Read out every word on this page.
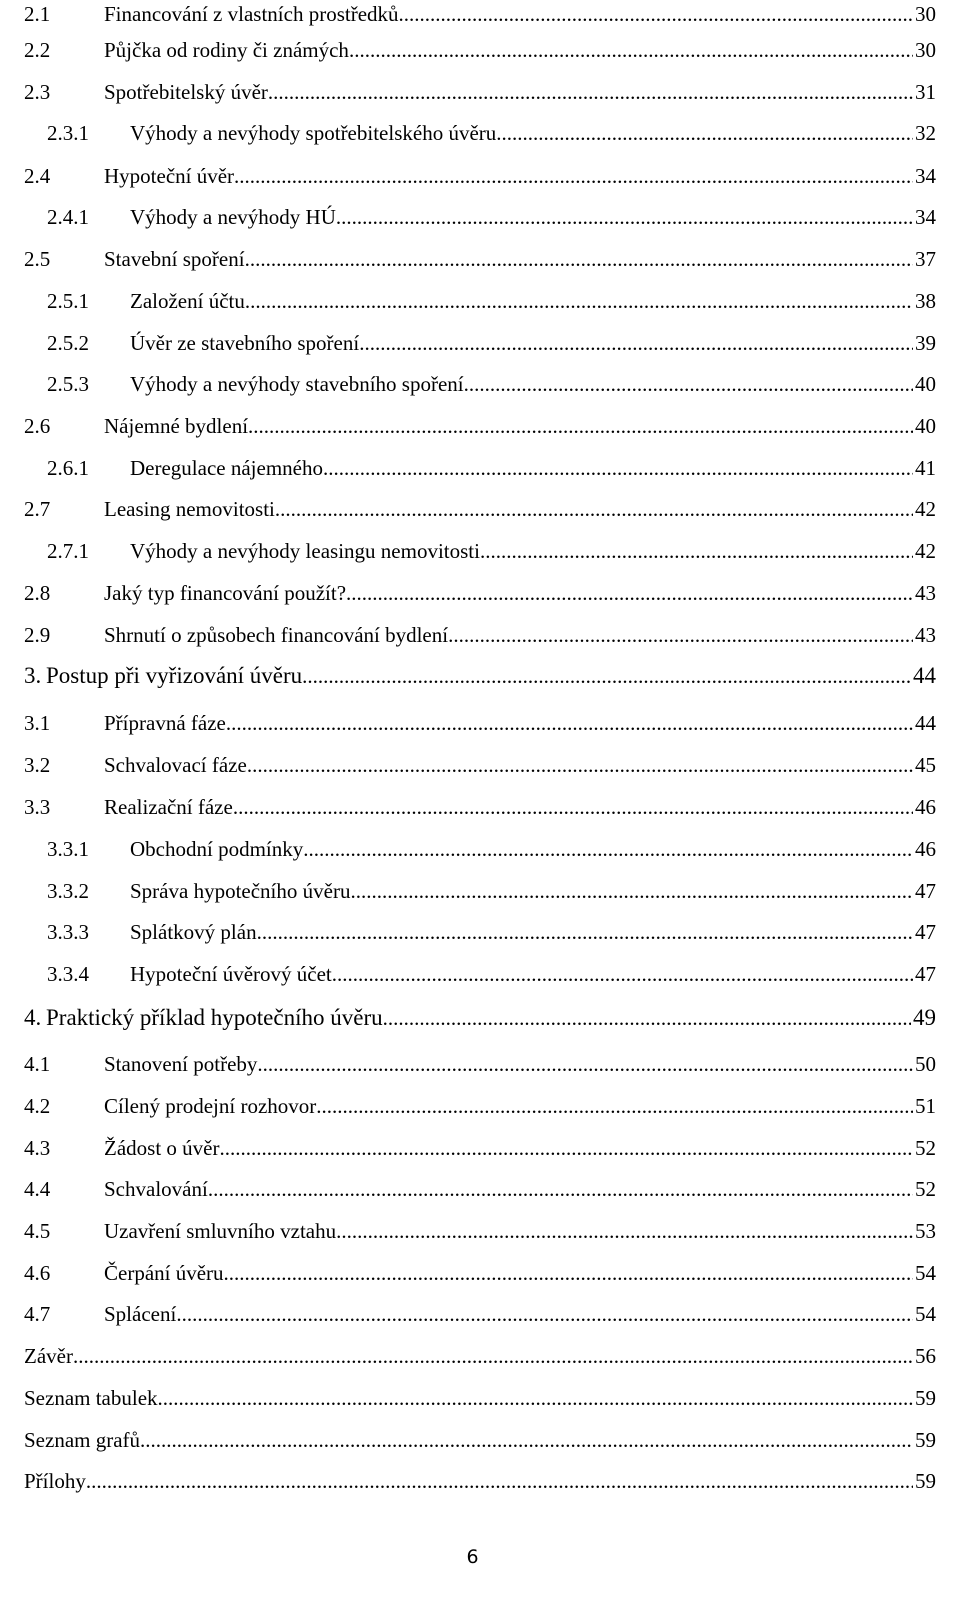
2.1	Financování z vlastních prostředků .....	30
2.2	Půjčka od rodiny či známých .....	30
2.3	Spotřebitelský úvěr .....	31
2.3.1 Výhody a nevýhody spotřebitelského úvěru .....	32
2.4	Hypoteční úvěr .....	34
2.4.1 Výhody a nevýhody HÚ .....	34
2.5	Stavební spoření .....	37
2.5.1 Založení účtu .....	38
2.5.2 Úvěr ze stavebního spoření .....	39
2.5.3 Výhody a nevýhody stavebního spoření .....	40
2.6	Nájemné bydlení .....	40
2.6.1 Deregulace nájemného .....	41
2.7	Leasing nemovitosti .....	42
2.7.1 Výhody a nevýhody leasingu nemovitosti .....	42
2.8	Jaký typ financování použít? .....	43
2.9	Shrnutí o způsobech financování bydlení .....	43
3. Postup při vyřizování úvěru .....	44
3.1	Přípravná fáze .....	44
3.2	Schvalovací fáze .....	45
3.3	Realizační fáze .....	46
3.3.1 Obchodní podmínky .....	46
3.3.2 Správa hypotečního úvěru .....	47
3.3.3 Splátkový plán .....	47
3.3.4 Hypoteční úvěrový účet .....	47
4. Praktický příklad hypotečního úvěru .....	49
4.1	Stanovení potřeby .....	50
4.2	Cílený prodejní rozhovor .....	51
4.3	Žádost o úvěr .....	52
4.4	Schvalování .....	52
4.5	Uzavření smluvního vztahu .....	53
4.6	Čerpání úvěru .....	54
4.7	Splácení .....	54
Závěr .....	56
Seznam tabulek .....	59
Seznam grafů .....	59
Přílohy .....	59
6
